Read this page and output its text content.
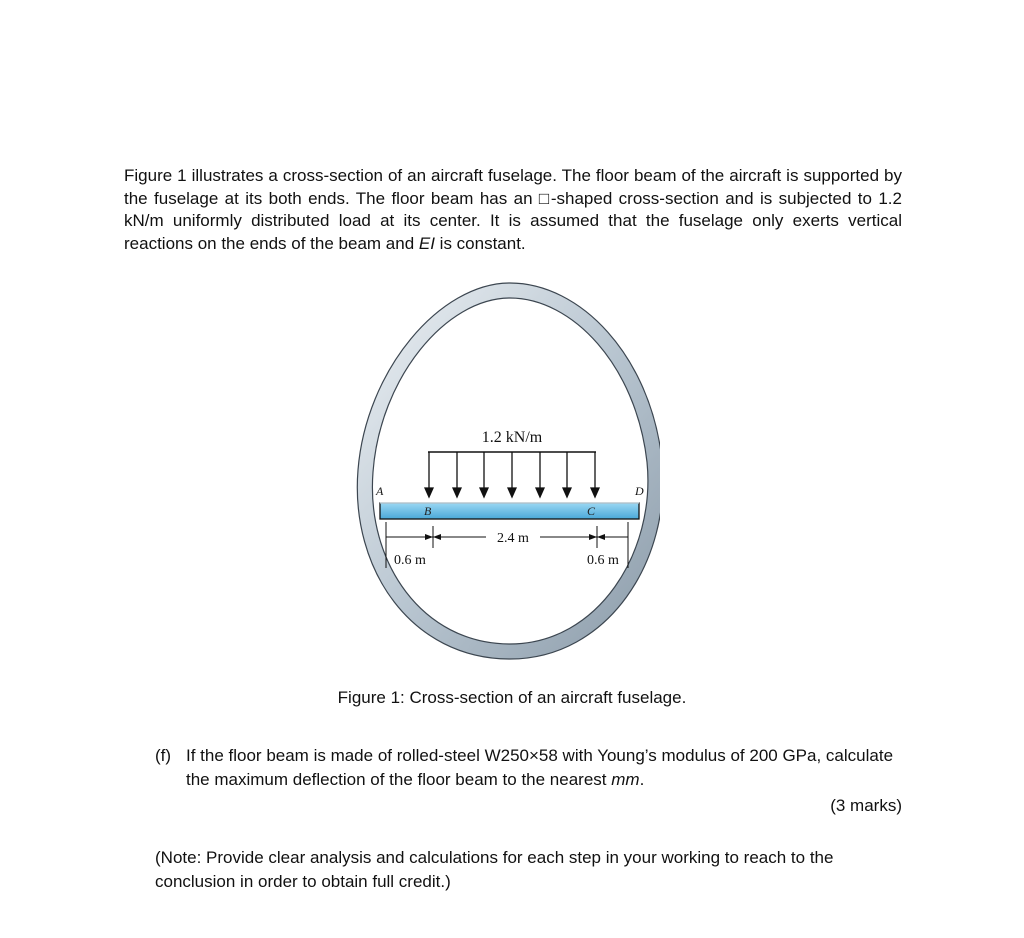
Figure 1 illustrates a cross-section of an aircraft fuselage. The floor beam of the aircraft is supported by the fuselage at its both ends. The floor beam has an □-shaped cross-section and is subjected to 1.2 kN/m uniformly distributed load at its center. It is assumed that the fuselage only exerts vertical reactions on the ends of the beam and EI is constant.

1.2 kN/m
A
B	C
D
2.4 m
0.6 m	0.6 m
Figure 1: Cross-section of an aircraft fuselage.
(f) If the floor beam is made of rolled-steel W250×58 with Young’s modulus of 200 GPa, calculate the maximum deflection of the floor beam to the nearest mm.
(3 marks)
(Note: Provide clear analysis and calculations for each step in your working to reach to the conclusion in order to obtain full credit.)
